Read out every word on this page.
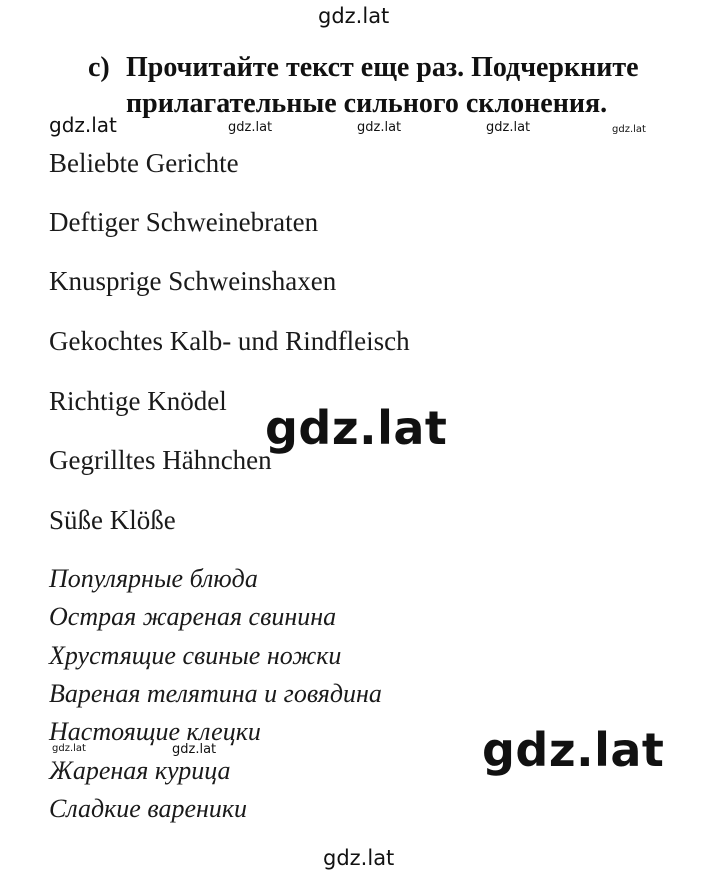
gdz.lat
c) Прочитайте текст еще раз. Подчеркните
прилагательные сильного склонения.
gdz.lat	gdz.lat	gdz.lat	gdz.lat	gdz.lat
Beliebte Gerichte
Deftiger Schweinebraten
Knusprige Schweinshaxen
Gekochtes Kalb- und Rindfleisch
Richtige Knödel
Gegrilltes Hähnchen
Süße Klöße
gdz.lat
Популярные блюда
Острая жареная свинина
Хрустящие свиные ножки
Вареная телятина и говядина
Настоящие клецки
Жареная курица
Сладкие вареники
gdz.lat	gdz.lat	gdz.lat
gdz.lat
